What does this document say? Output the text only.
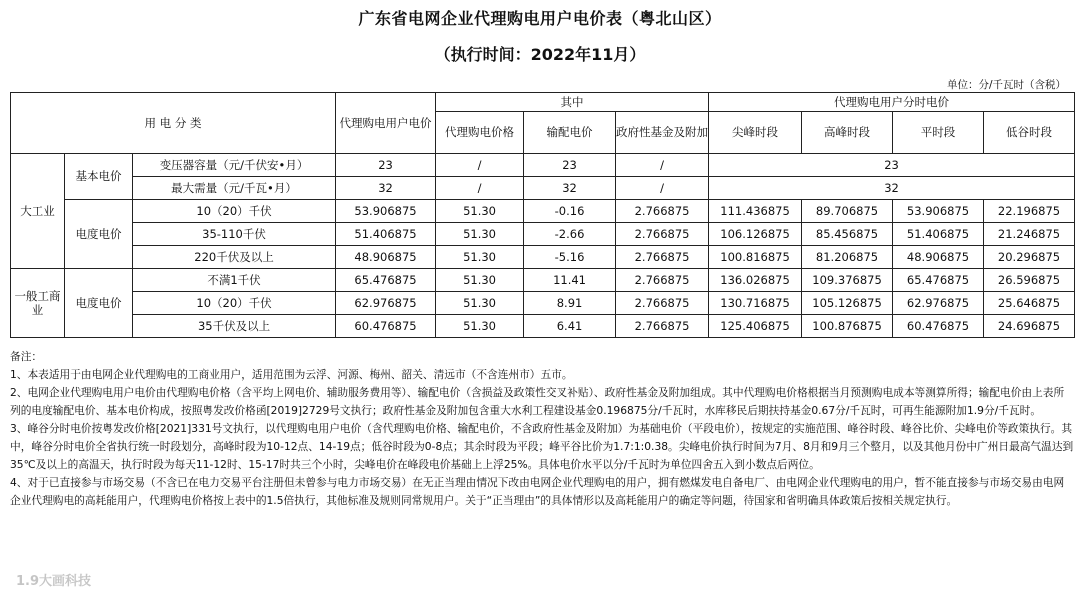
广东省电网企业代理购电用户电价表（粤北山区）
（执行时间：2022年11月）
单位：分/千瓦时（含税）
用 电 分 类			代理购电用户电价	其中			代理购电用户分时电价			
				代理购电价格	输配电价	政府性基金及附加	尖峰时段	高峰时段	平时段	低谷时段
大工业	基本电价	变压器容量（元/千伏安•月）	23	/	23	/	23			
		最大需量（元/千瓦•月）	32	/	32	/	32			
	电度电价	10（20）千伏	53.906875	51.30	-0.16	2.766875	111.436875	89.706875	53.906875	22.196875
		35-110千伏	51.406875	51.30	-2.66	2.766875	106.126875	85.456875	51.406875	21.246875
		220千伏及以上	48.906875	51.30	-5.16	2.766875	100.816875	81.206875	48.906875	20.296875
一般工商业	电度电价	不满1千伏	65.476875	51.30	11.41	2.766875	136.026875	109.376875	65.476875	26.596875
		10（20）千伏	62.976875	51.30	8.91	2.766875	130.716875	105.126875	62.976875	25.646875
		35千伏及以上	60.476875	51.30	6.41	2.766875	125.406875	100.876875	60.476875	24.696875

备注：

1、本表适用于由电网企业代理购电的工商业用户，适用范围为云浮、河源、梅州、韶关、清远市（不含连州市）五市。

2、电网企业代理购电用户电价由代理购电价格（含平均上网电价、辅助服务费用等）、输配电价（含损益及政策性交叉补贴）、政府性基金及附加组成。其中代理购电价格根据当月预测购电成本等测算所得；输配电价由上表所列的电度输配电价、基本电价构成，按照粤发改价格函[2019]2729号文执行；政府性基金及附加包含重大水利工程建设基金0.196875分/千瓦时，水库移民后期扶持基金0.67分/千瓦时，可再生能源附加1.9分/千瓦时。

3、峰谷分时电价按粤发改价格[2021]331号文执行，以代理购电用户电价（含代理购电价格、输配电价，不含政府性基金及附加）为基础电价（平段电价），按规定的实施范围、峰谷时段、峰谷比价、尖峰电价等政策执行。其中，峰谷分时电价全省执行统一时段划分，高峰时段为10-12点、14-19点；低谷时段为0-8点；其余时段为平段；峰平谷比价为1.7:1:0.38。尖峰电价执行时间为7月、8月和9月三个整月，以及其他月份中广州日最高气温达到35℃及以上的高温天，执行时段为每天11-12时、15-17时共三个小时，尖峰电价在峰段电价基础上上浮25%。具体电价水平以分/千瓦时为单位四舍五入到小数点后两位。

4、对于已直接参与市场交易（不含已在电力交易平台注册但未曾参与电力市场交易）在无正当理由情况下改由电网企业代理购电的用户，拥有燃煤发电自备电厂、由电网企业代理购电的用户，暂不能直接参与市场交易由电网企业代理购电的高耗能用户，代理购电价格按上表中的1.5倍执行，其他标准及规则同常规用户。关于“正当理由”的具体情形以及高耗能用户的确定等问题，待国家和省明确具体政策后按相关规定执行。

1.9大画科技
